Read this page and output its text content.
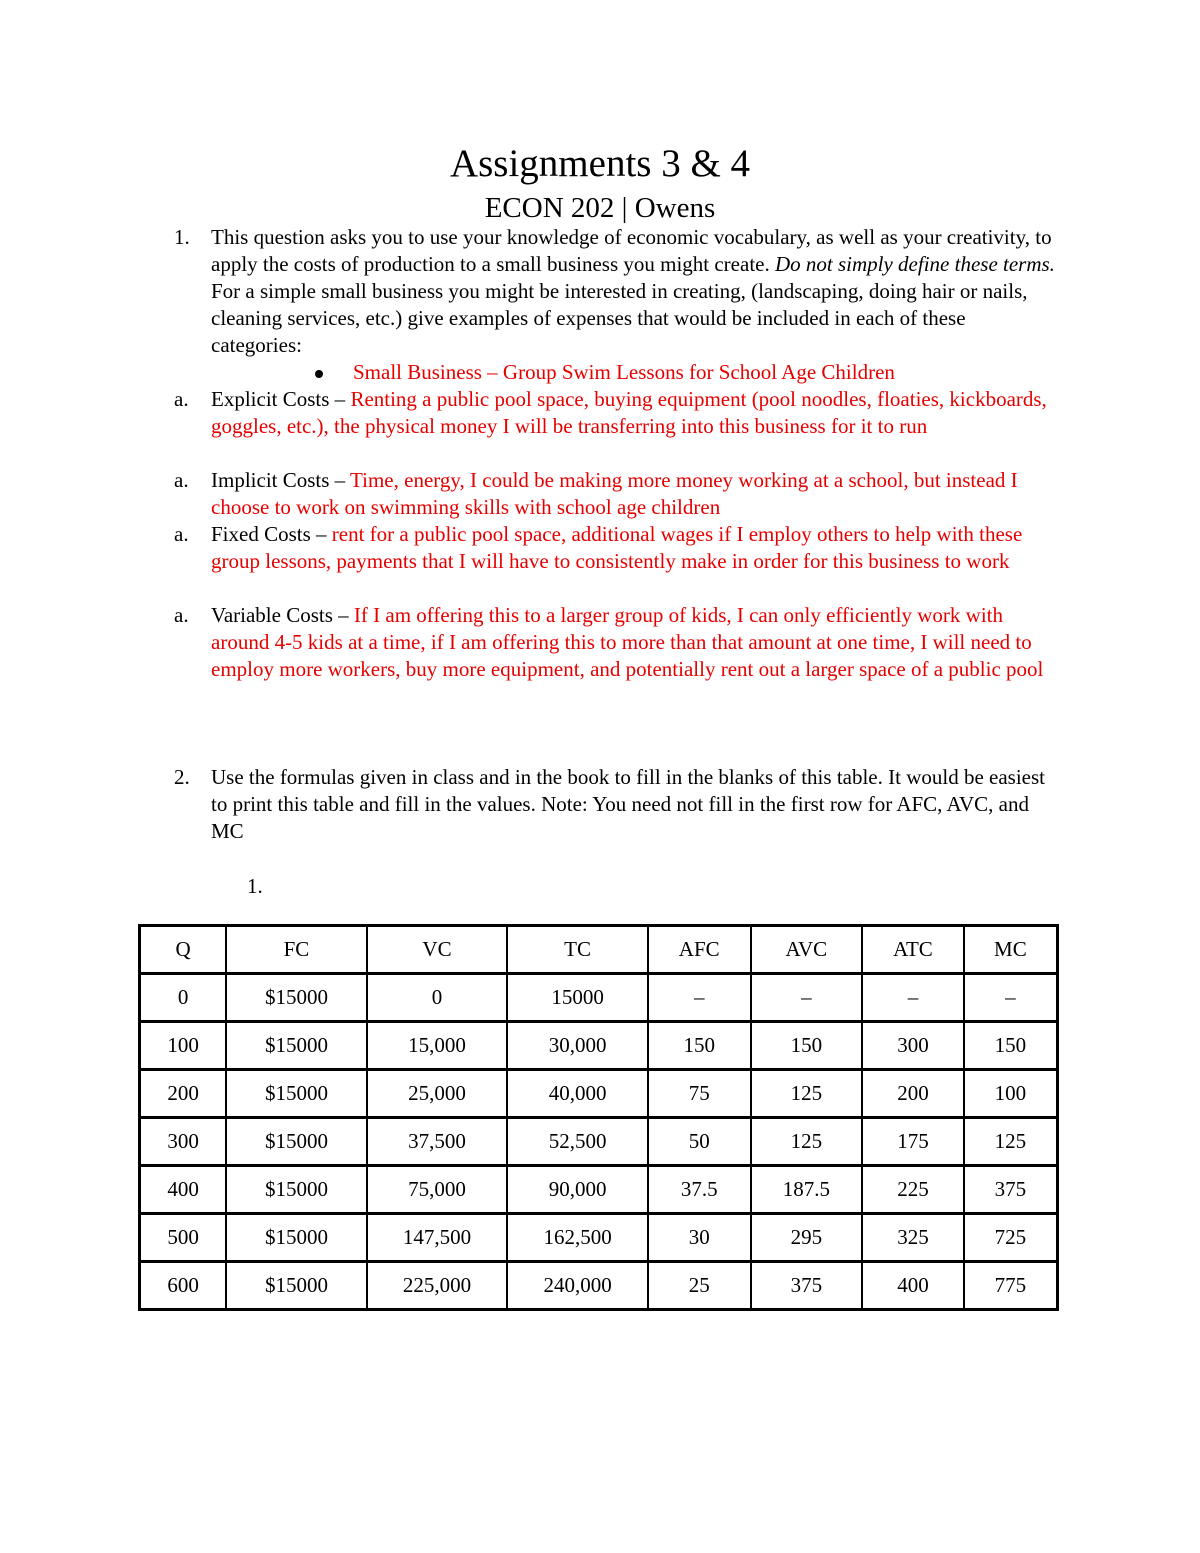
Assignments 3 & 4
ECON 202 | Owens
1. This question asks you to use your knowledge of economic vocabulary, as well as your creativity, to apply the costs of production to a small business you might create. Do not simply define these terms. For a simple small business you might be interested in creating, (landscaping, doing hair or nails, cleaning services, etc.) give examples of expenses that would be included in each of these categories:
Small Business – Group Swim Lessons for School Age Children
a. Explicit Costs – Renting a public pool space, buying equipment (pool noodles, floaties, kickboards, goggles, etc.), the physical money I will be transferring into this business for it to run
a. Implicit Costs – Time, energy, I could be making more money working at a school, but instead I choose to work on swimming skills with school age children
a. Fixed Costs – rent for a public pool space, additional wages if I employ others to help with these group lessons, payments that I will have to consistently make in order for this business to work
a. Variable Costs – If I am offering this to a larger group of kids, I can only efficiently work with around 4-5 kids at a time, if I am offering this to more than that amount at one time, I will need to employ more workers, buy more equipment, and potentially rent out a larger space of a public pool
2. Use the formulas given in class and in the book to fill in the blanks of this table. It would be easiest to print this table and fill in the values. Note: You need not fill in the first row for AFC, AVC, and MC
1.
Q	FC	VC	TC	AFC	AVC	ATC	MC
0	$15000	0	15000	–	–	–	–
100	$15000	15,000	30,000	150	150	300	150
200	$15000	25,000	40,000	75	125	200	100
300	$15000	37,500	52,500	50	125	175	125
400	$15000	75,000	90,000	37.5	187.5	225	375
500	$15000	147,500	162,500	30	295	325	725
600	$15000	225,000	240,000	25	375	400	775
